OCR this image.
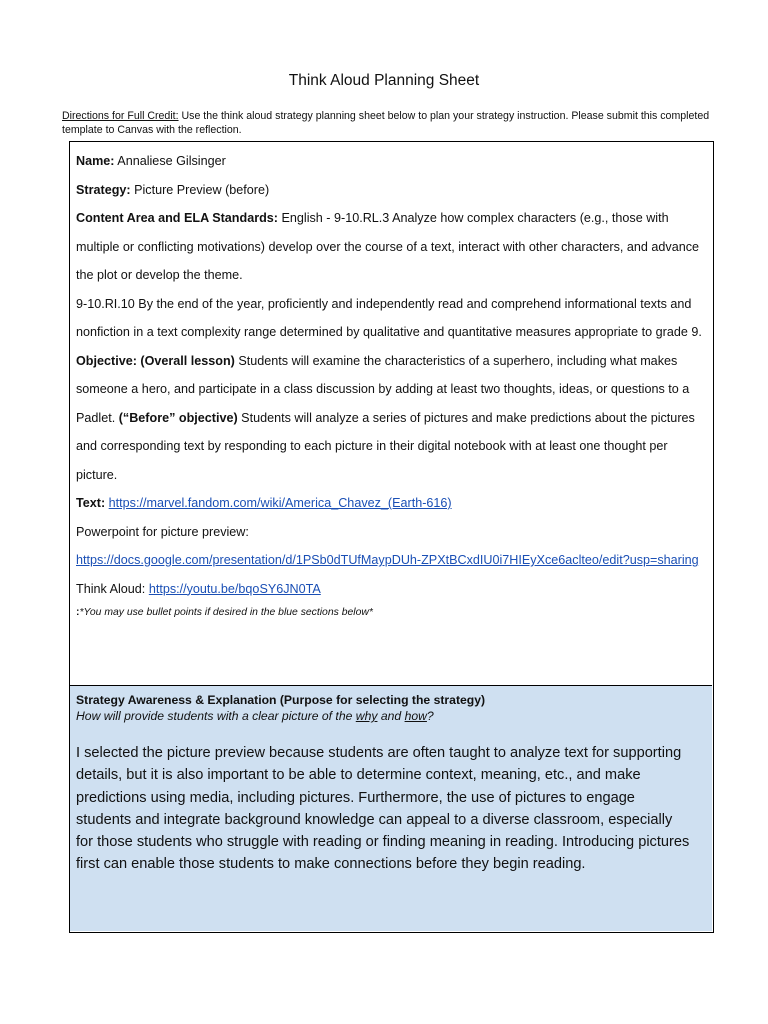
Think Aloud Planning Sheet
Directions for Full Credit: Use the think aloud strategy planning sheet below to plan your strategy instruction. Please submit this completed template to Canvas with the reflection.

Name: Annaliese Gilsinger

Strategy: Picture Preview (before)

Content Area and ELA Standards: English - 9-10.RL.3 Analyze how complex characters (e.g., those with multiple or conflicting motivations) develop over the course of a text, interact with other characters, and advance the plot or develop the theme.

9-10.RI.10 By the end of the year, proficiently and independently read and comprehend informational texts and nonfiction in a text complexity range determined by qualitative and quantitative measures appropriate to grade 9.

Objective: (Overall lesson) Students will examine the characteristics of a superhero, including what makes someone a hero, and participate in a class discussion by adding at least two thoughts, ideas, or questions to a Padlet. (“Before” objective) Students will analyze a series of pictures and make predictions about the pictures and corresponding text by responding to each picture in their digital notebook with at least one thought per picture.

Text: https://marvel.fandom.com/wiki/America_Chavez_(Earth-616)

Powerpoint for picture preview:

https://docs.google.com/presentation/d/1PSb0dTUfMaypDUh-ZPXtBCxdIU0i7HIEyXce6aclteo/edit?usp=sharing

Think Aloud: https://youtu.be/bqoSY6JN0TA

:*You may use bullet points if desired in the blue sections below*

Strategy Awareness & Explanation (Purpose for selecting the strategy)
How will provide students with a clear picture of the why and how?
I selected the picture preview because students are often taught to analyze text for supporting details, but it is also important to be able to determine context, meaning, etc., and make predictions using media, including pictures. Furthermore, the use of pictures to engage students and integrate background knowledge can appeal to a diverse classroom, especially for those students who struggle with reading or finding meaning in reading. Introducing pictures first can enable those students to make connections before they begin reading.
